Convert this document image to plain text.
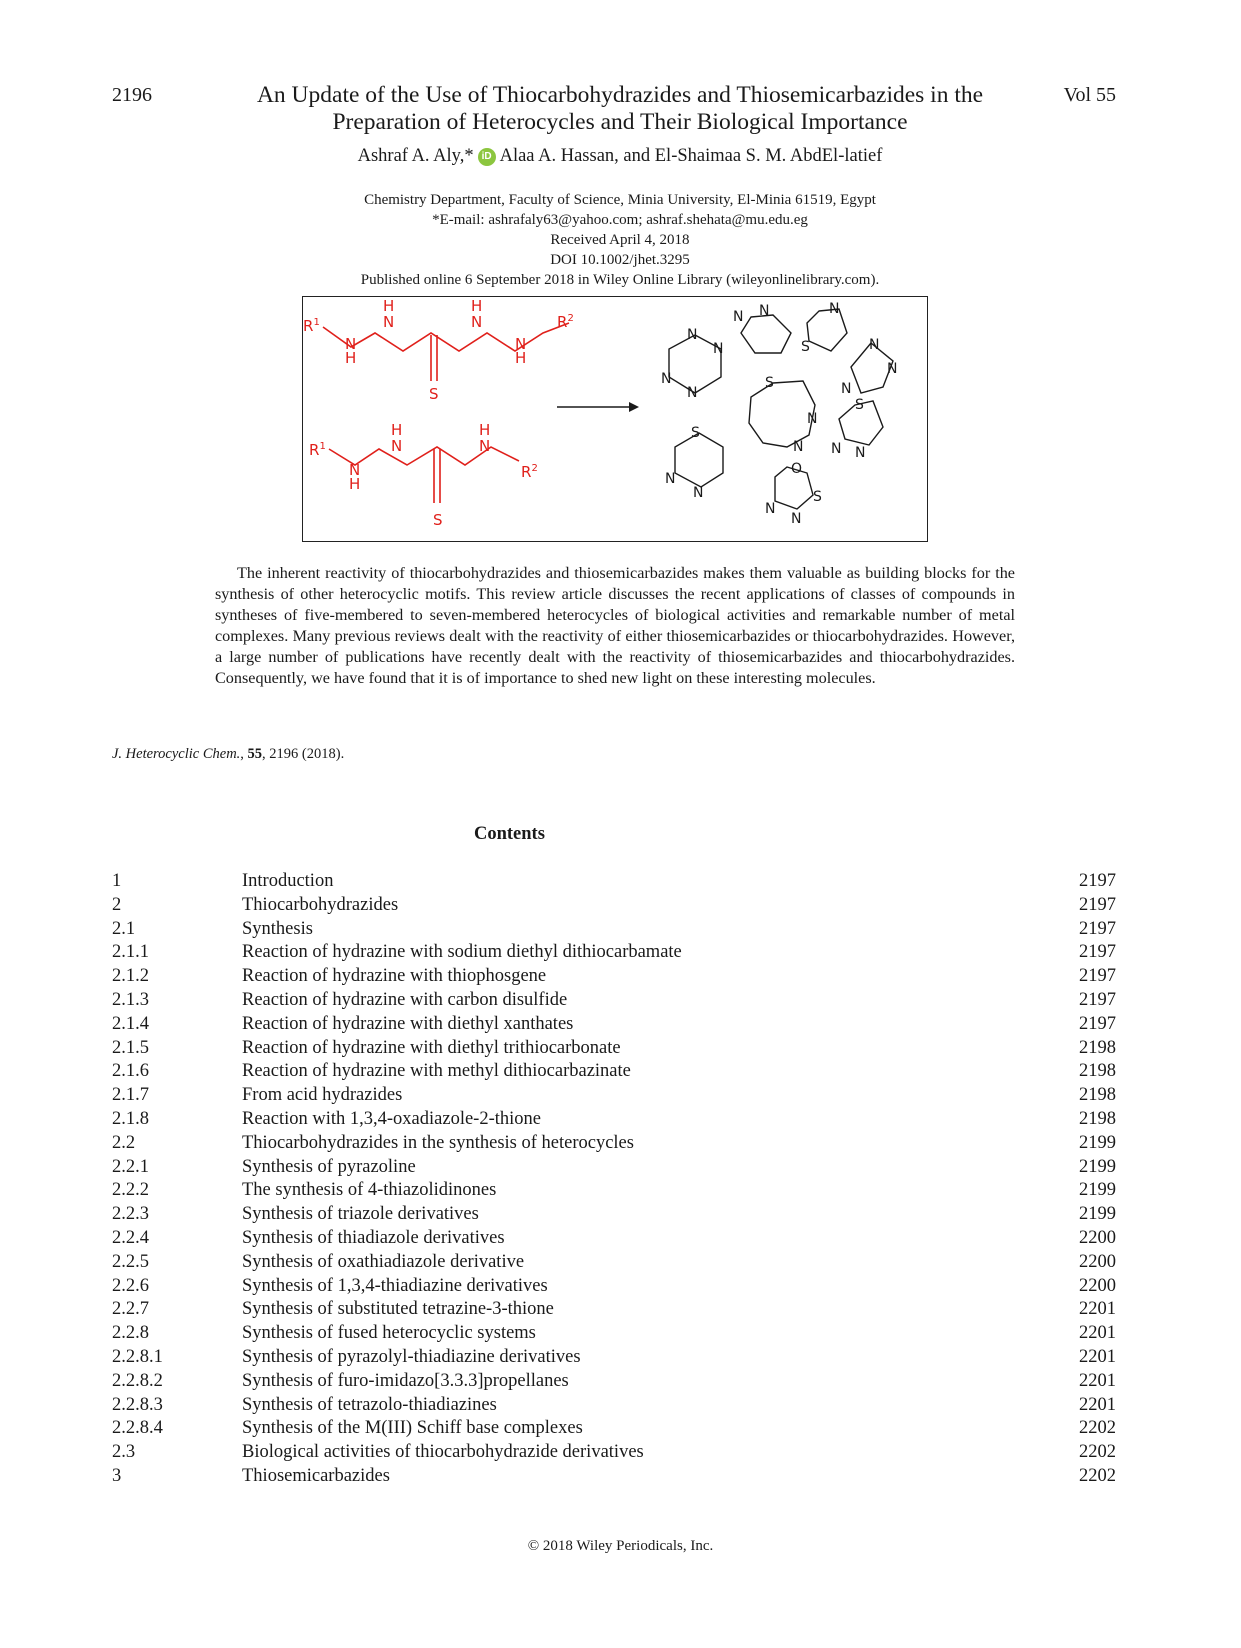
2196	Vol 55
An Update of the Use of Thiocarbohydrazides and Thiosemicarbazides in the Preparation of Heterocycles and Their Biological Importance
Ashraf A. Aly,* iD Alaa A. Hassan, and El-Shaimaa S. M. AbdEl-latief
Chemistry Department, Faculty of Science, Minia University, El-Minia 61519, Egypt
*E-mail: ashrafaly63@yahoo.com; ashraf.shehata@mu.edu.eg
Received April 4, 2018
DOI 10.1002/jhet.3295
Published online 6 September 2018 in Wiley Online Library (wileyonlinelibrary.com).
$R^1$
N
H
H
N
H
N
N
H
$R^2$
S
$R^1$
N
H
H
N
H
N
$R^2$
S
N
N
N
N
N N	N
S	N
N
N
S
N
N
S
N N
S
N
N
O
S
N
N
The inherent reactivity of thiocarbohydrazides and thiosemicarbazides makes them valuable as building blocks for the synthesis of other heterocyclic motifs. This review article discusses the recent applications of classes of compounds in syntheses of five-membered to seven-membered heterocycles of biological activities and remarkable number of metal complexes. Many previous reviews dealt with the reactivity of either thiosemicarbazides or thiocarbohydrazides. However, a large number of publications have recently dealt with the reactivity of thiosemicarbazides and thiocarbohydrazides. Consequently, we have found that it is of importance to shed new light on these interesting molecules.
J. Heterocyclic Chem., 55, 2196 (2018).
Contents
1	Introduction	2197
2	Thiocarbohydrazides	2197
2.1	Synthesis	2197
2.1.1	Reaction of hydrazine with sodium diethyl dithiocarbamate	2197
2.1.2	Reaction of hydrazine with thiophosgene	2197
2.1.3	Reaction of hydrazine with carbon disulfide	2197
2.1.4	Reaction of hydrazine with diethyl xanthates	2197
2.1.5	Reaction of hydrazine with diethyl trithiocarbonate	2198
2.1.6	Reaction of hydrazine with methyl dithiocarbazinate	2198
2.1.7	From acid hydrazides	2198
2.1.8	Reaction with 1,3,4-oxadiazole-2-thione	2198
2.2	Thiocarbohydrazides in the synthesis of heterocycles	2199
2.2.1	Synthesis of pyrazoline	2199
2.2.2	The synthesis of 4-thiazolidinones	2199
2.2.3	Synthesis of triazole derivatives	2199
2.2.4	Synthesis of thiadiazole derivatives	2200
2.2.5	Synthesis of oxathiadiazole derivative	2200
2.2.6	Synthesis of 1,3,4-thiadiazine derivatives	2200
2.2.7	Synthesis of substituted tetrazine-3-thione	2201
2.2.8	Synthesis of fused heterocyclic systems	2201
2.2.8.1	Synthesis of pyrazolyl-thiadiazine derivatives	2201
2.2.8.2	Synthesis of furo-imidazo[3.3.3]propellanes	2201
2.2.8.3	Synthesis of tetrazolo-thiadiazines	2201
2.2.8.4	Synthesis of the M(III) Schiff base complexes	2202
2.3	Biological activities of thiocarbohydrazide derivatives	2202
3	Thiosemicarbazides	2202
© 2018 Wiley Periodicals, Inc.
